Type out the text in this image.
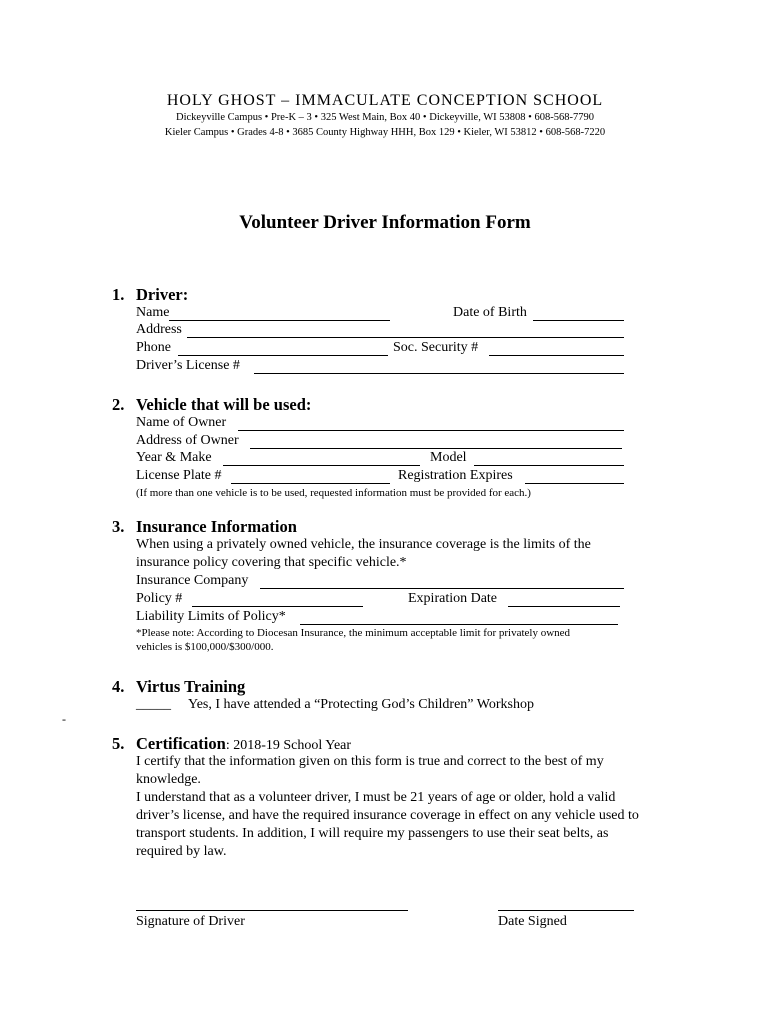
HOLY GHOST – IMMACULATE CONCEPTION SCHOOL
Dickeyville Campus • Pre-K – 3 • 325 West Main, Box 40 • Dickeyville, WI 53808 • 608-568-7790
Kieler Campus • Grades 4-8 • 3685 County Highway HHH, Box 129 • Kieler, WI 53812 • 608-568-7220
Volunteer Driver Information Form
1. Driver:
Name	Date of Birth
Address
Phone	Soc. Security #
Driver’s License #
2. Vehicle that will be used:
Name of Owner
Address of Owner
Year & Make	Model
License Plate #	Registration Expires
(If more than one vehicle is to be used, requested information must be provided for each.)
3. Insurance Information
When using a privately owned vehicle, the insurance coverage is the limits of the
insurance policy covering that specific vehicle.*
Insurance Company
Policy #	Expiration Date
Liability Limits of Policy*
*Please note: According to Diocesan Insurance, the minimum acceptable limit for privately owned
vehicles is $100,000/$300/000.
4. Virtus Training
_____ Yes, I have attended a “Protecting God’s Children” Workshop
-
5. Certification: 2018-19 School Year
I certify that the information given on this form is true and correct to the best of my
knowledge.
I understand that as a volunteer driver, I must be 21 years of age or older, hold a valid
driver’s license, and have the required insurance coverage in effect on any vehicle used to
transport students. In addition, I will require my passengers to use their seat belts, as
required by law.
Signature of Driver	Date Signed
